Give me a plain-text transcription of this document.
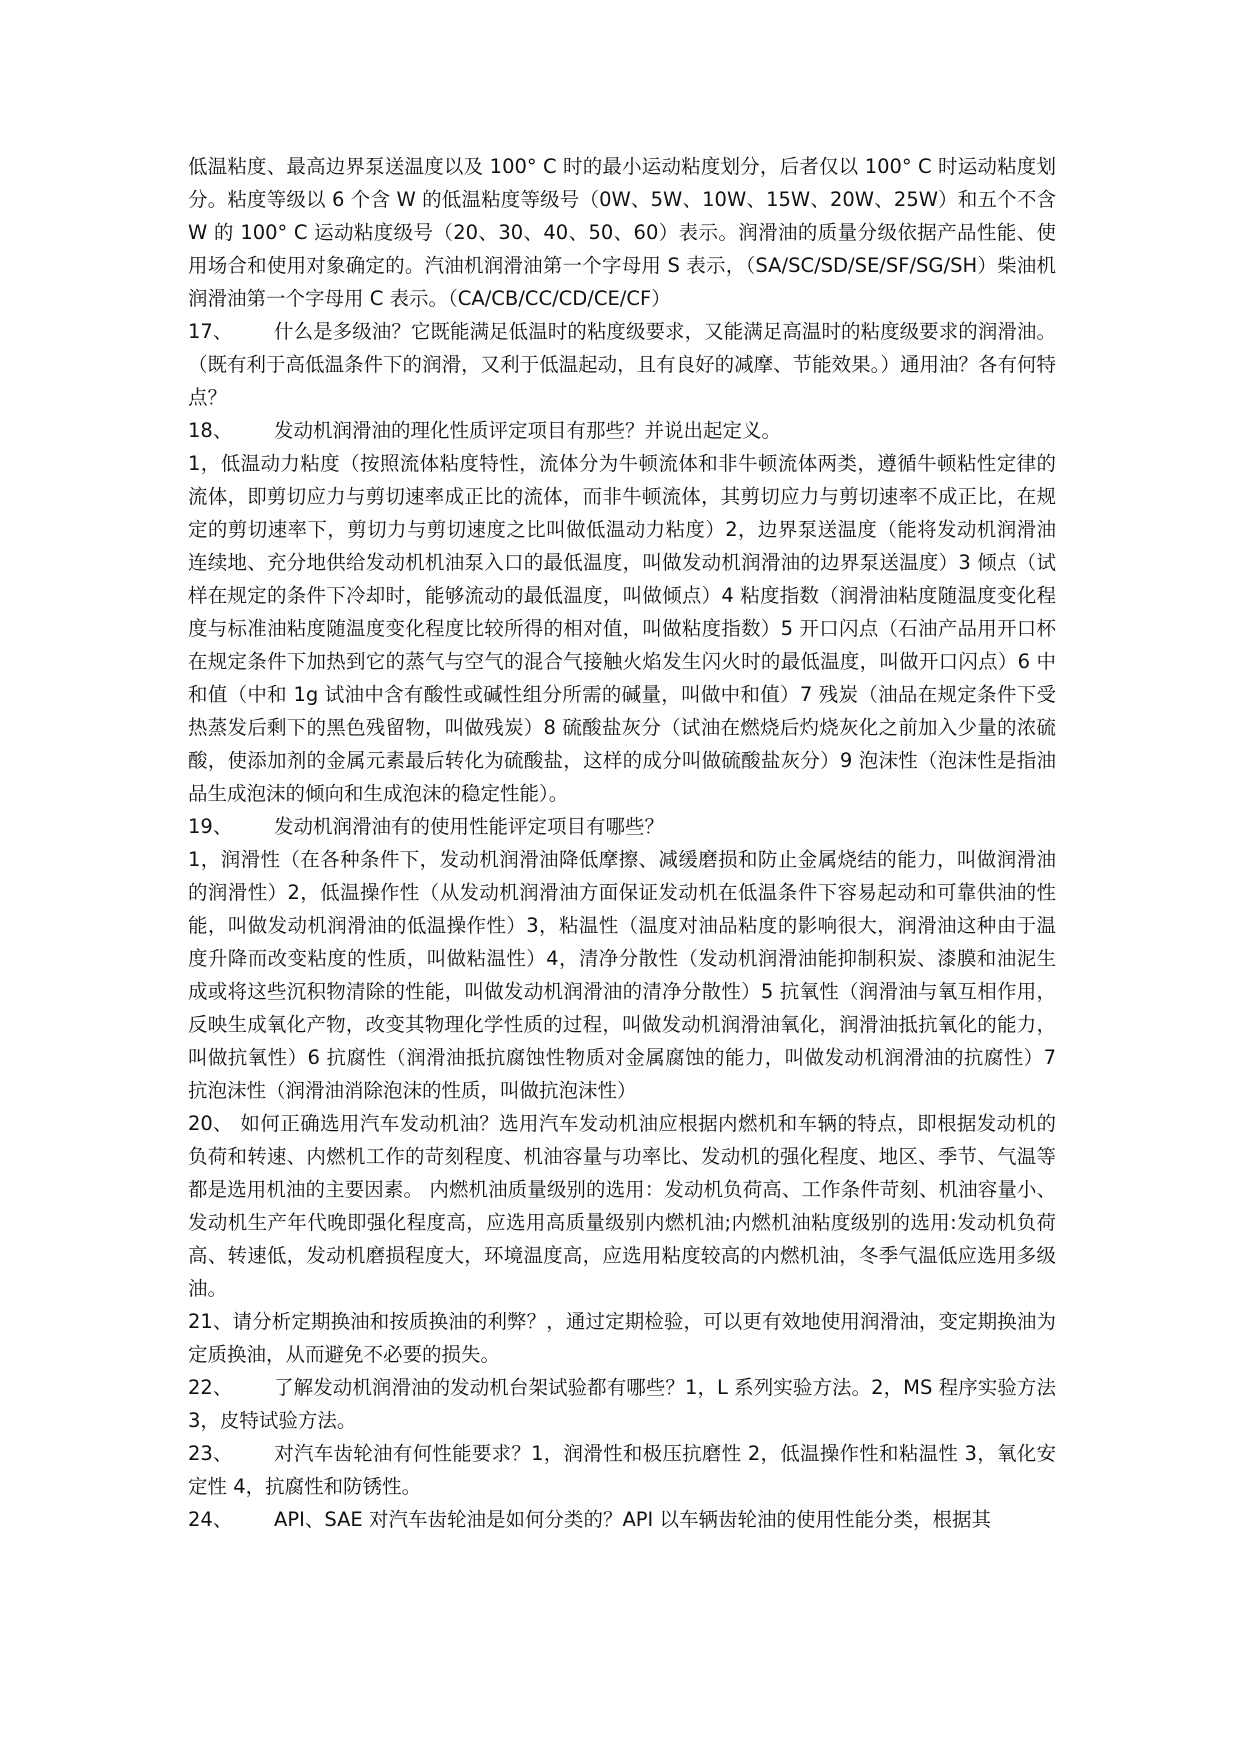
低温粘度、最高边界泵送温度以及 100° C 时的最小运动粘度划分，后者仅以 100° C 时运动粘度划分。粘度等级以 6 个含 W 的低温粘度等级号（0W、5W、10W、15W、20W、25W）和五个不含 W 的 100° C 运动粘度级号（20、30、40、50、60）表示。润滑油的质量分级依据产品性能、使用场合和使用对象确定的。汽油机润滑油第一个字母用 S 表示，（SA/SC/SD/SE/SF/SG/SH）柴油机润滑油第一个字母用 C 表示。（CA/CB/CC/CD/CE/CF）

17、 什么是多级油？它既能满足低温时的粘度级要求，又能满足高温时的粘度级要求的润滑油。（既有利于高低温条件下的润滑，又利于低温起动，且有良好的减摩、节能效果。）通用油？各有何特点？

18、 发动机润滑油的理化性质评定项目有那些？并说出起定义。

1，低温动力粘度（按照流体粘度特性，流体分为牛顿流体和非牛顿流体两类，遵循牛顿粘性定律的流体，即剪切应力与剪切速率成正比的流体，而非牛顿流体，其剪切应力与剪切速率不成正比，在规定的剪切速率下，剪切力与剪切速度之比叫做低温动力粘度）2，边界泵送温度（能将发动机润滑油连续地、充分地供给发动机机油泵入口的最低温度，叫做发动机润滑油的边界泵送温度）3 倾点（试样在规定的条件下冷却时，能够流动的最低温度，叫做倾点）4 粘度指数（润滑油粘度随温度变化程度与标准油粘度随温度变化程度比较所得的相对值，叫做粘度指数）5 开口闪点（石油产品用开口杯在规定条件下加热到它的蒸气与空气的混合气接触火焰发生闪火时的最低温度，叫做开口闪点）6 中和值（中和 1g 试油中含有酸性或碱性组分所需的碱量，叫做中和值）7 残炭（油品在规定条件下受热蒸发后剩下的黑色残留物，叫做残炭）8 硫酸盐灰分（试油在燃烧后灼烧灰化之前加入少量的浓硫酸，使添加剂的金属元素最后转化为硫酸盐，这样的成分叫做硫酸盐灰分）9 泡沫性（泡沫性是指油品生成泡沫的倾向和生成泡沫的稳定性能）。

19、 发动机润滑油有的使用性能评定项目有哪些？

1，润滑性（在各种条件下，发动机润滑油降低摩擦、减缓磨损和防止金属烧结的能力，叫做润滑油的润滑性）2，低温操作性（从发动机润滑油方面保证发动机在低温条件下容易起动和可靠供油的性能，叫做发动机润滑油的低温操作性）3，粘温性（温度对油品粘度的影响很大，润滑油这种由于温度升降而改变粘度的性质，叫做粘温性）4，清净分散性（发动机润滑油能抑制积炭、漆膜和油泥生成或将这些沉积物清除的性能，叫做发动机润滑油的清净分散性）5 抗氧性（润滑油与氧互相作用，反映生成氧化产物，改变其物理化学性质的过程，叫做发动机润滑油氧化，润滑油抵抗氧化的能力，叫做抗氧性）6 抗腐性（润滑油抵抗腐蚀性物质对金属腐蚀的能力，叫做发动机润滑油的抗腐性）7 抗泡沫性（润滑油消除泡沫的性质，叫做抗泡沫性）

20、 如何正确选用汽车发动机油？选用汽车发动机油应根据内燃机和车辆的特点，即根据发动机的负荷和转速、内燃机工作的苛刻程度、机油容量与功率比、发动机的强化程度、地区、季节、气温等都是选用机油的主要因素。 内燃机油质量级别的选用：发动机负荷高、工作条件苛刻、机油容量小、发动机生产年代晚即强化程度高，应选用高质量级别内燃机油;内燃机油粘度级别的选用:发动机负荷高、转速低，发动机磨损程度大，环境温度高，应选用粘度较高的内燃机油，冬季气温低应选用多级油。

21、请分析定期换油和按质换油的利弊？，通过定期检验，可以更有效地使用润滑油，变定期换油为定质换油，从而避免不必要的损失。

22、 了解发动机润滑油的发动机台架试验都有哪些？1，L 系列实验方法。2，MS 程序实验方法 3，皮特试验方法。

23、 对汽车齿轮油有何性能要求？1，润滑性和极压抗磨性 2，低温操作性和粘温性 3，氧化安定性 4，抗腐性和防锈性。

24、 API、SAE 对汽车齿轮油是如何分类的？API 以车辆齿轮油的使用性能分类，根据其
